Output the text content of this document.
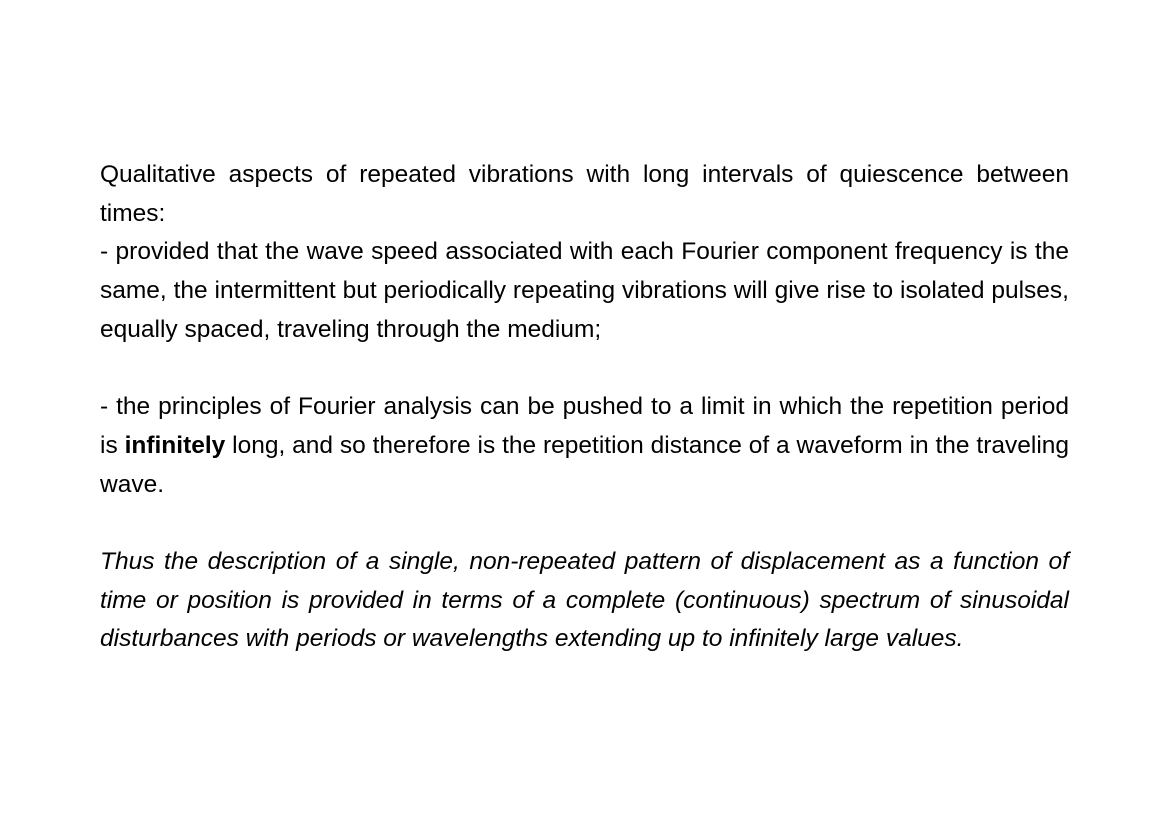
Qualitative aspects of repeated vibrations with long intervals of quiescence between
times:

- provided that the wave speed associated with each Fourier component frequency is the same, the intermittent but periodically repeating vibrations will give rise to isolated pulses, equally spaced, traveling through the medium;

- the principles of Fourier analysis can be pushed to a limit in which the repetition period is infinitely long, and so therefore is the repetition distance of a waveform in the traveling wave.

Thus the description of a single, non-repeated pattern of displacement as a function of time or position is provided in terms of a complete (continuous) spectrum of sinusoidal disturbances with periods or wavelengths extending up to infinitely large values.
